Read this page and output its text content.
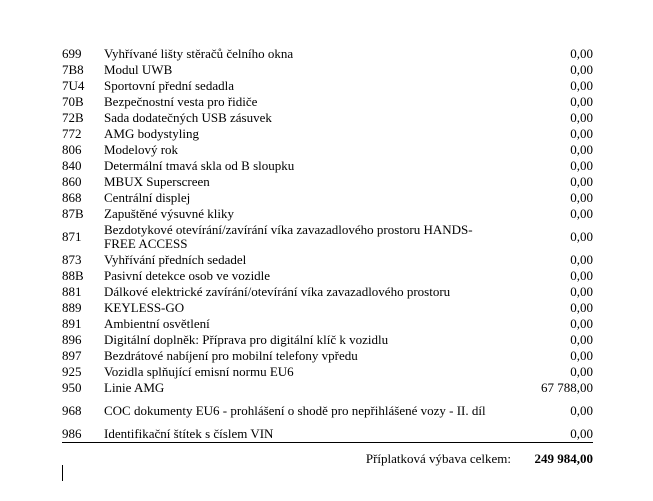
699	Vyhřívané lišty stěračů čelního okna	0,00
7B8	Modul UWB	0,00
7U4	Sportovní přední sedadla	0,00
70B	Bezpečnostní vesta pro řidiče	0,00
72B	Sada dodatečných USB zásuvek	0,00
772	AMG bodystyling	0,00
806	Modelový rok	0,00
840	Determální tmavá skla od B sloupku	0,00
860	MBUX Superscreen	0,00
868	Centrální displej	0,00
87B	Zapuštěné výsuvné kliky	0,00
871	Bezdotykové otevírání/zavírání víka zavazadlového prostoru HANDS-FREE ACCESS	0,00
873	Vyhřívání předních sedadel	0,00
88B	Pasivní detekce osob ve vozidle	0,00
881	Dálkové elektrické zavírání/otevírání víka zavazadlového prostoru	0,00
889	KEYLESS-GO	0,00
891	Ambientní osvětlení	0,00
896	Digitální doplněk: Příprava pro digitální klíč k vozidlu	0,00
897	Bezdrátové nabíjení pro mobilní telefony vpředu	0,00
925	Vozidla splňující emisní normu EU6	0,00
950	Linie AMG	67 788,00
968	COC dokumenty EU6 - prohlášení o shodě pro nepřihlášené vozy - II. díl	0,00
986	Identifikační štítek s číslem VIN	0,00
Příplatková výbava celkem: 249 984,00
